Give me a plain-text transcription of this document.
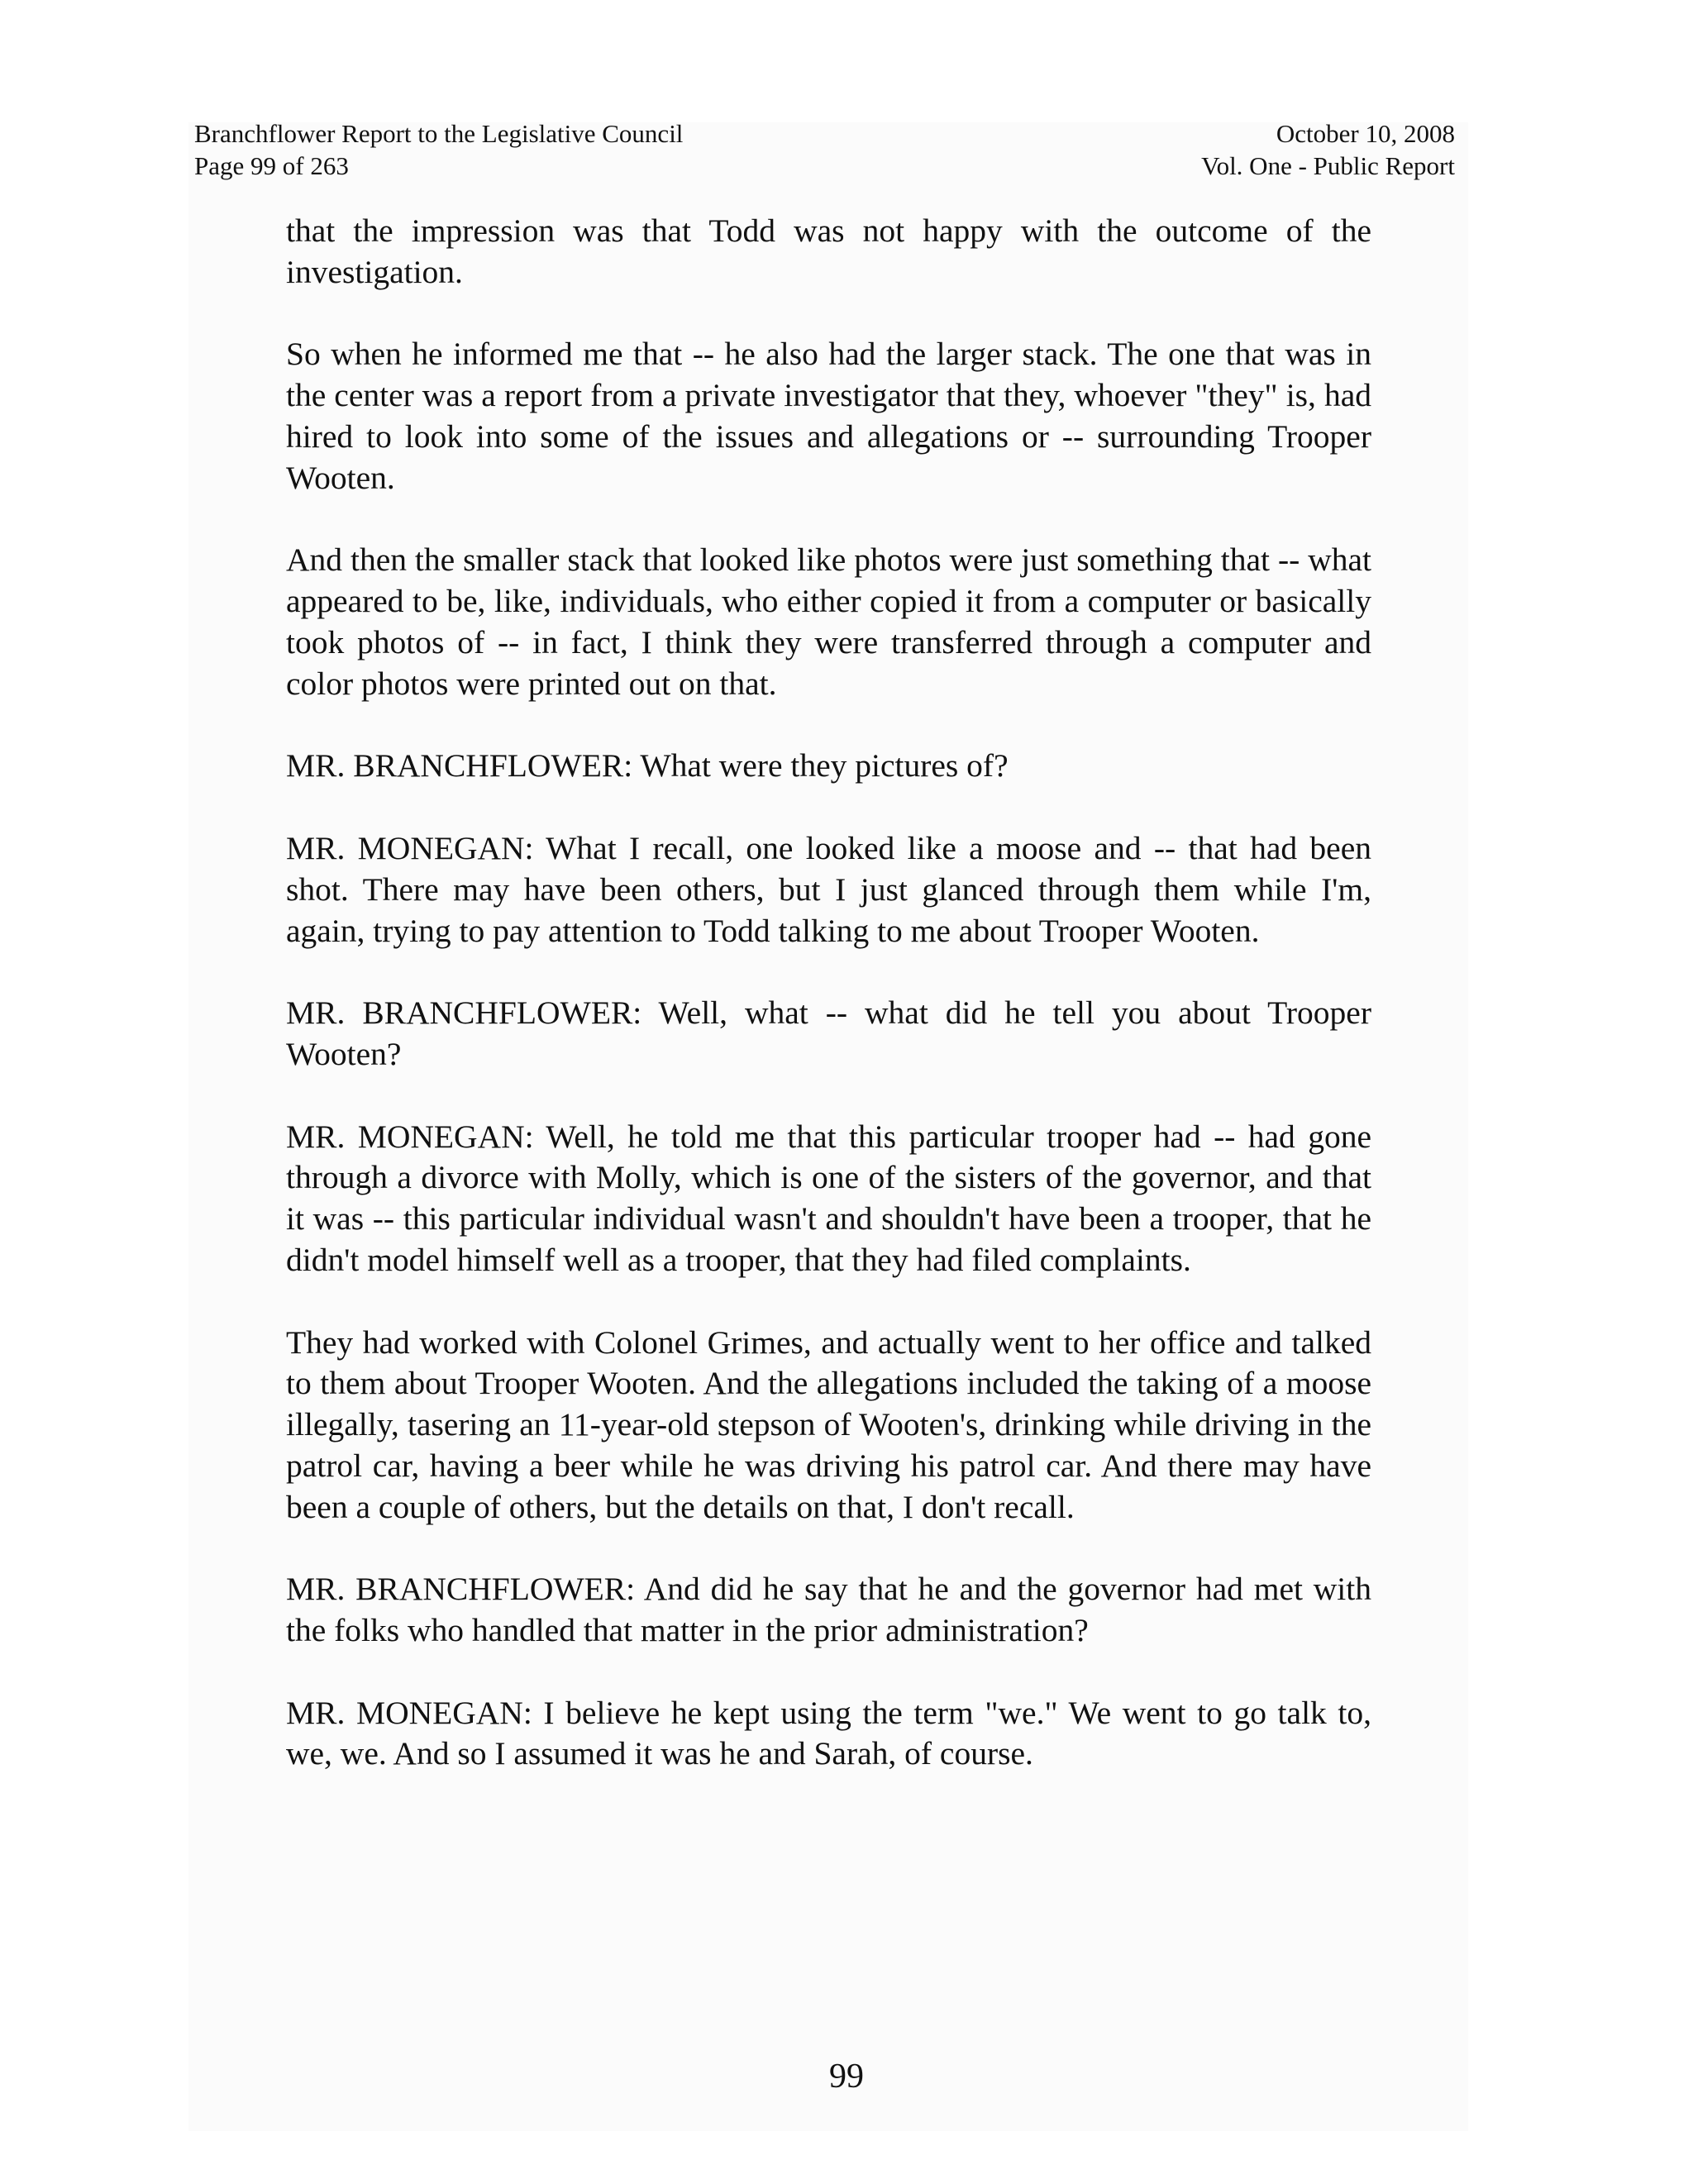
Branchflower Report to the Legislative Council
Page 99 of 263
October 10, 2008
Vol. One - Public Report

that the impression was that Todd was not happy with the outcome of the investigation.

So when he informed me that -- he also had the larger stack. The one that was in the center was a report from a private investigator that they, whoever "they" is, had hired to look into some of the issues and allegations or -- surrounding Trooper Wooten.

And then the smaller stack that looked like photos were just something that -- what appeared to be, like, individuals, who either copied it from a computer or basically took photos of -- in fact, I think they were transferred through a computer and color photos were printed out on that.

MR. BRANCHFLOWER: What were they pictures of?

MR. MONEGAN: What I recall, one looked like a moose and -- that had been shot. There may have been others, but I just glanced through them while I'm, again, trying to pay attention to Todd talking to me about Trooper Wooten.

MR. BRANCHFLOWER: Well, what -- what did he tell you about Trooper Wooten?

MR. MONEGAN: Well, he told me that this particular trooper had -- had gone through a divorce with Molly, which is one of the sisters of the governor, and that it was -- this particular individual wasn't and shouldn't have been a trooper, that he didn't model himself well as a trooper, that they had filed complaints.

They had worked with Colonel Grimes, and actually went to her office and talked to them about Trooper Wooten. And the allegations included the taking of a moose illegally, tasering an 11-year-old stepson of Wooten's, drinking while driving in the patrol car, having a beer while he was driving his patrol car. And there may have been a couple of others, but the details on that, I don't recall.

MR. BRANCHFLOWER: And did he say that he and the governor had met with the folks who handled that matter in the prior administration?

MR. MONEGAN: I believe he kept using the term "we." We went to go talk to, we, we. And so I assumed it was he and Sarah, of course.

99
